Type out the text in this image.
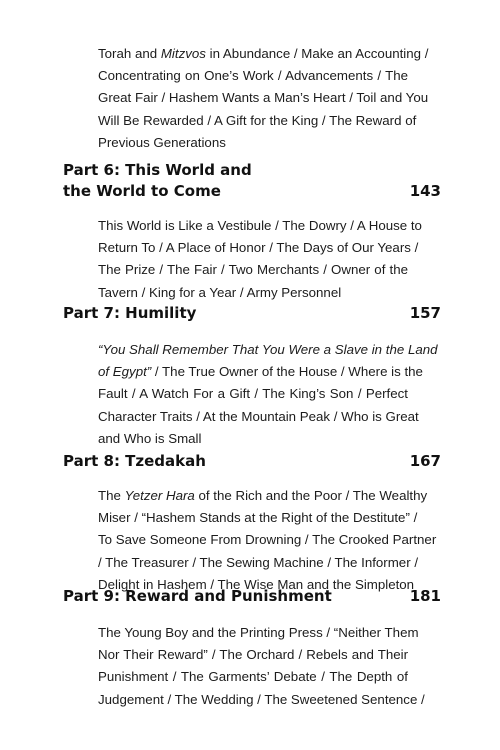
Torah and Mitzvos in Abundance / Make an Accounting /
Concentrating on One’s Work / Advancements / The
Great Fair / Hashem Wants a Man’s Heart / Toil and You
Will Be Rewarded / A Gift for the King / The Reward of
Previous Generations
Part 6: This World and
the World to Come	143
This World is Like a Vestibule / The Dowry / A House to
Return To / A Place of Honor / The Days of Our Years /
The Prize / The Fair / Two Merchants / Owner of the
Tavern / King for a Year / Army Personnel
Part 7: Humility	157
“You Shall Remember That You Were a Slave in the Land
of Egypt” / The True Owner of the House / Where is the
Fault / A Watch For a Gift / The King’s Son / Perfect
Character Traits / At the Mountain Peak / Who is Great
and Who is Small
Part 8: Tzedakah	167
The Yetzer Hara of the Rich and the Poor / The Wealthy
Miser / “Hashem Stands at the Right of the Destitute” /
To Save Someone From Drowning / The Crooked Partner
/ The Treasurer / The Sewing Machine / The Informer /
Delight in Hashem / The Wise Man and the Simpleton
Part 9: Reward and Punishment	181
The Young Boy and the Printing Press / “Neither Them
Nor Their Reward” / The Orchard / Rebels and Their
Punishment / The Garments’ Debate / The Depth of
Judgement / The Wedding / The Sweetened Sentence /
